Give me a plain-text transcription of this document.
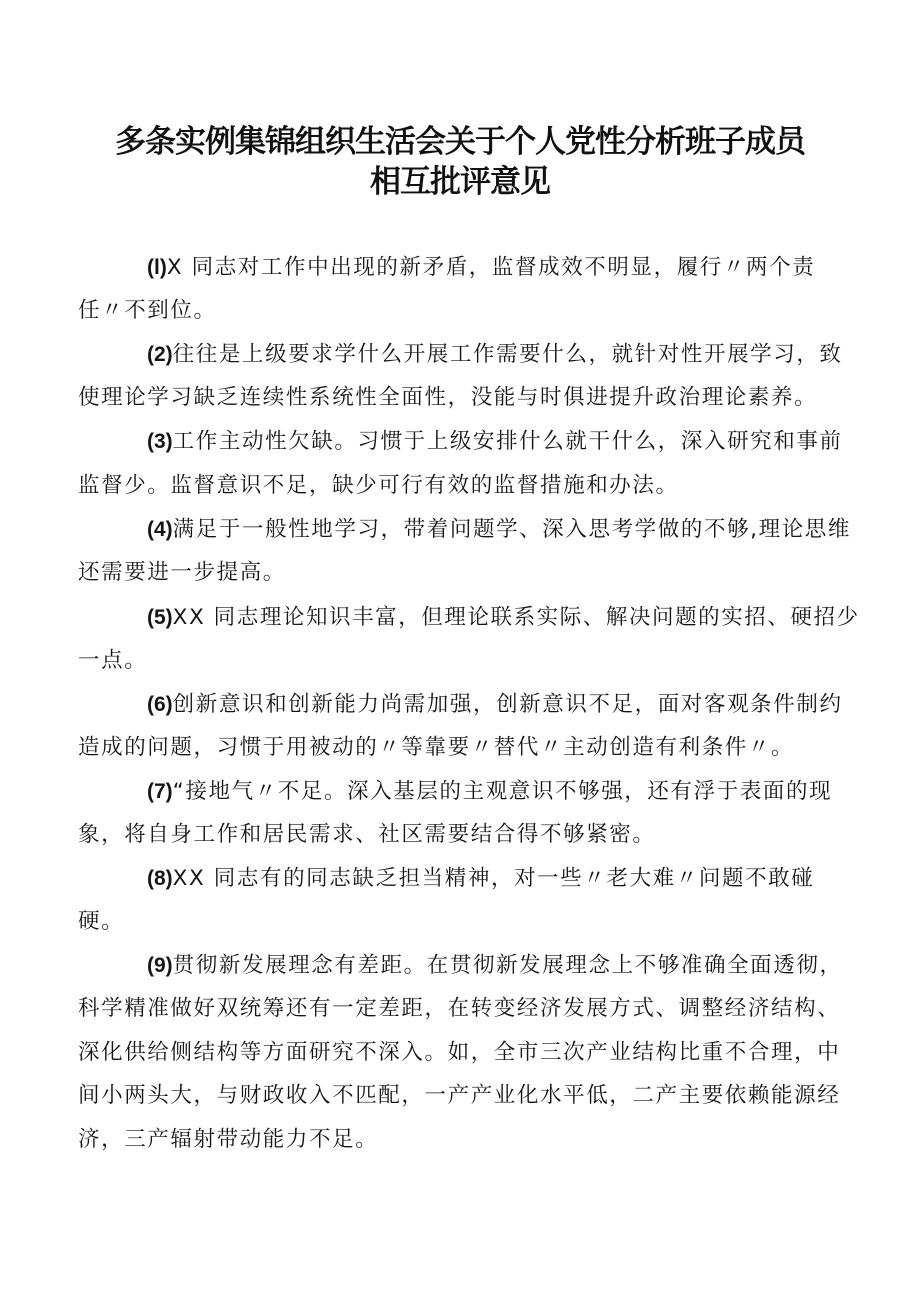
多条实例集锦组织生活会关于个人党性分析班子成员
相互批评意见
(l)X 同志对工作中出现的新矛盾，监督成效不明显，履行〃两个责
任〃不到位。
(2)往往是上级要求学什么开展工作需要什么，就针对性开展学习，致
使理论学习缺乏连续性系统性全面性，没能与时俱进提升政治理论素养。
(3)工作主动性欠缺。习惯于上级安排什么就干什么，深入研究和事前
监督少。监督意识不足，缺少可行有效的监督措施和办法。
(4)满足于一般性地学习，带着问题学、深入思考学做的不够,理论思维
还需要进一步提高。
(5)XX 同志理论知识丰富，但理论联系实际、解决问题的实招、硬招少
一点。
(6)创新意识和创新能力尚需加强，创新意识不足，面对客观条件制约
造成的问题，习惯于用被动的〃等靠要〃替代〃主动创造有利条件〃。
(7)“接地气〃不足。深入基层的主观意识不够强，还有浮于表面的现
象，将自身工作和居民需求、社区需要结合得不够紧密。
(8)XX 同志有的同志缺乏担当精神，对一些〃老大难〃问题不敢碰
硬。
(9)贯彻新发展理念有差距。在贯彻新发展理念上不够准确全面透彻，
科学精准做好双统筹还有一定差距，在转变经济发展方式、调整经济结构、
深化供给侧结构等方面研究不深入。如，全市三次产业结构比重不合理，中
间小两头大，与财政收入不匹配，一产产业化水平低，二产主要依赖能源经
济，三产辐射带动能力不足。
